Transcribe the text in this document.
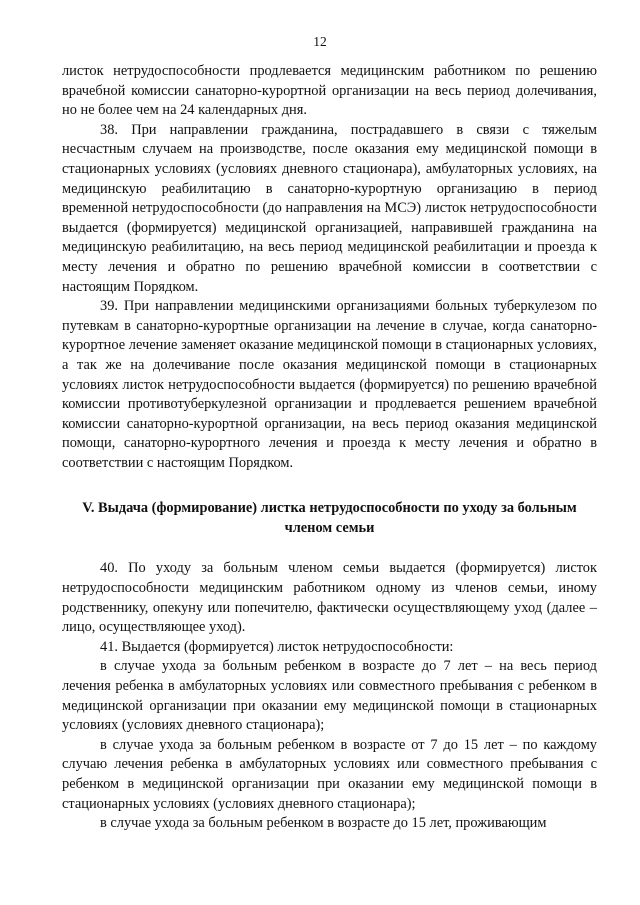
12

листок нетрудоспособности продлевается медицинским работником по решению врачебной комиссии санаторно-курортной организации на весь период долечивания, но не более чем на 24 календарных дня.

38. При направлении гражданина, пострадавшего в связи с тяжелым несчастным случаем на производстве, после оказания ему медицинской помощи в стационарных условиях (условиях дневного стационара), амбулаторных условиях, на медицинскую реабилитацию в санаторно-курортную организацию в период временной нетрудоспособности (до направления на МСЭ) листок нетрудоспособности выдается (формируется) медицинской организацией, направившей гражданина на медицинскую реабилитацию, на весь период медицинской реабилитации и проезда к месту лечения и обратно по решению врачебной комиссии в соответствии с настоящим Порядком.

39. При направлении медицинскими организациями больных туберкулезом по путевкам в санаторно-курортные организации на лечение в случае, когда санаторно-курортное лечение заменяет оказание медицинской помощи в стационарных условиях, а так же на долечивание после оказания медицинской помощи в стационарных условиях листок нетрудоспособности выдается (формируется) по решению врачебной комиссии противотуберкулезной организации и продлевается решением врачебной комиссии санаторно-курортной организации, на весь период оказания медицинской помощи, санаторно-курортного лечения и проезда к месту лечения и обратно в соответствии с настоящим Порядком.

V. Выдача (формирование) листка нетрудоспособности по уходу за больным
членом семьи

40. По уходу за больным членом семьи выдается (формируется) листок нетрудоспособности медицинским работником одному из членов семьи, иному родственнику, опекуну или попечителю, фактически осуществляющему уход (далее – лицо, осуществляющее уход).

41. Выдается (формируется) листок нетрудоспособности:

в случае ухода за больным ребенком в возрасте до 7 лет – на весь период лечения ребенка в амбулаторных условиях или совместного пребывания с ребенком в медицинской организации при оказании ему медицинской помощи в стационарных условиях (условиях дневного стационара);

в случае ухода за больным ребенком в возрасте от 7 до 15 лет – по каждому случаю лечения ребенка в амбулаторных условиях или совместного пребывания с ребенком в медицинской организации при оказании ему медицинской помощи в стационарных условиях (условиях дневного стационара);

в случае ухода за больным ребенком в возрасте до 15 лет, проживающим
